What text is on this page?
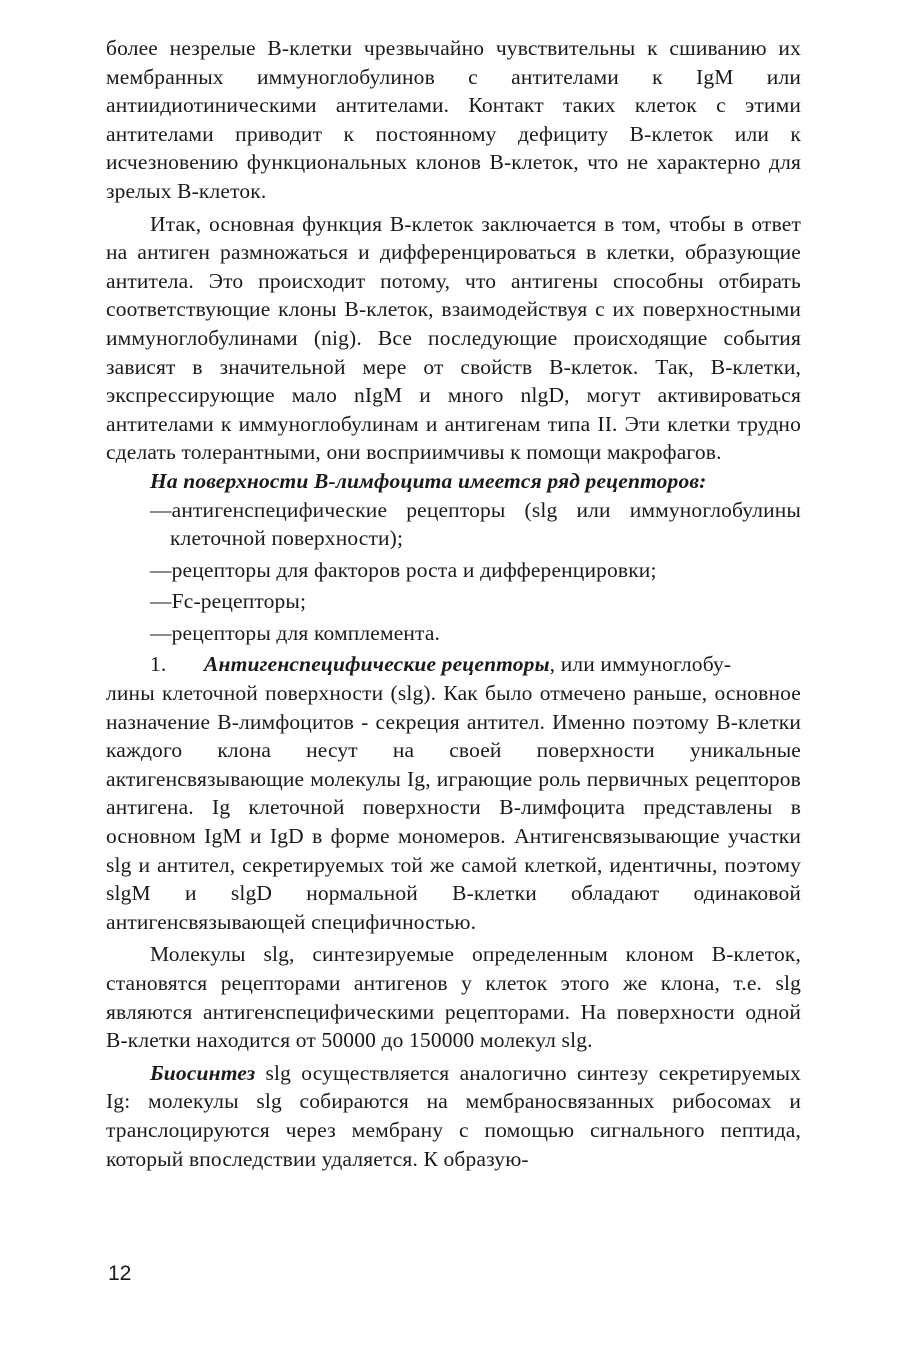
более незрелые В-клетки чрезвычайно чувствительны к сшиванию их мембранных иммуноглобулинов с антителами к IgM или антиидиотиническими антителами. Контакт таких клеток с этими антителами приводит к постоянному дефициту В-клеток или к исчезновению функциональных клонов В-клеток, что не характерно для зрелых В-клеток.

Итак, основная функция В-клеток заключается в том, чтобы в ответ на антиген размножаться и дифференцироваться в клетки, образующие антитела. Это происходит потому, что антигены способны отбирать соответствующие клоны В-клеток, взаимодействуя с их поверхностными иммуноглобулинами (nig). Все последующие происходящие события зависят в значительной мере от свойств В-клеток. Так, В-клетки, экспрессирующие мало nIgM и много nlgD, могут активироваться антителами к иммуноглобулинам и антигенам типа II. Эти клетки трудно сделать толерантными, они восприимчивы к помощи макрофагов.

На поверхности В-лимфоцита имеется ряд рецепторов:

—антигенспецифические рецепторы (slg или иммуноглобулины клеточной поверхности);
—рецепторы для факторов роста и дифференцировки;
—Fc-рецепторы;
—рецепторы для комплемента.

1. Антигенспецифические рецепторы, или иммуноглобу-

лины клеточной поверхности (slg). Как было отмечено раньше, основное назначение В-лимфоцитов - секреция антител. Именно поэтому В-клетки каждого клона несут на своей поверхности уникальные актигенсвязывающие молекулы Ig, играющие роль первичных рецепторов антигена. Ig клеточной поверхности В-лимфоцита представлены в основном IgM и IgD в форме мономеров. Антигенсвязывающие участки slg и антител, секретируемых той же самой клеткой, идентичны, поэтому slgM и slgD нормальной В-клетки обладают одинаковой антигенсвязывающей специфичностью.

Молекулы slg, синтезируемые определенным клоном В-клеток, становятся рецепторами антигенов у клеток этого же клона, т.е. slg являются антигенспецифическими рецепторами. На поверхности одной В-клетки находится от 50000 до 150000 молекул slg.

Биосинтез slg осуществляется аналогично синтезу секретируемых Ig: молекулы slg собираются на мембраносвязанных рибосомах и транслоцируются через мембрану с помощью сигнального пептида, который впоследствии удаляется. К образую-

12
